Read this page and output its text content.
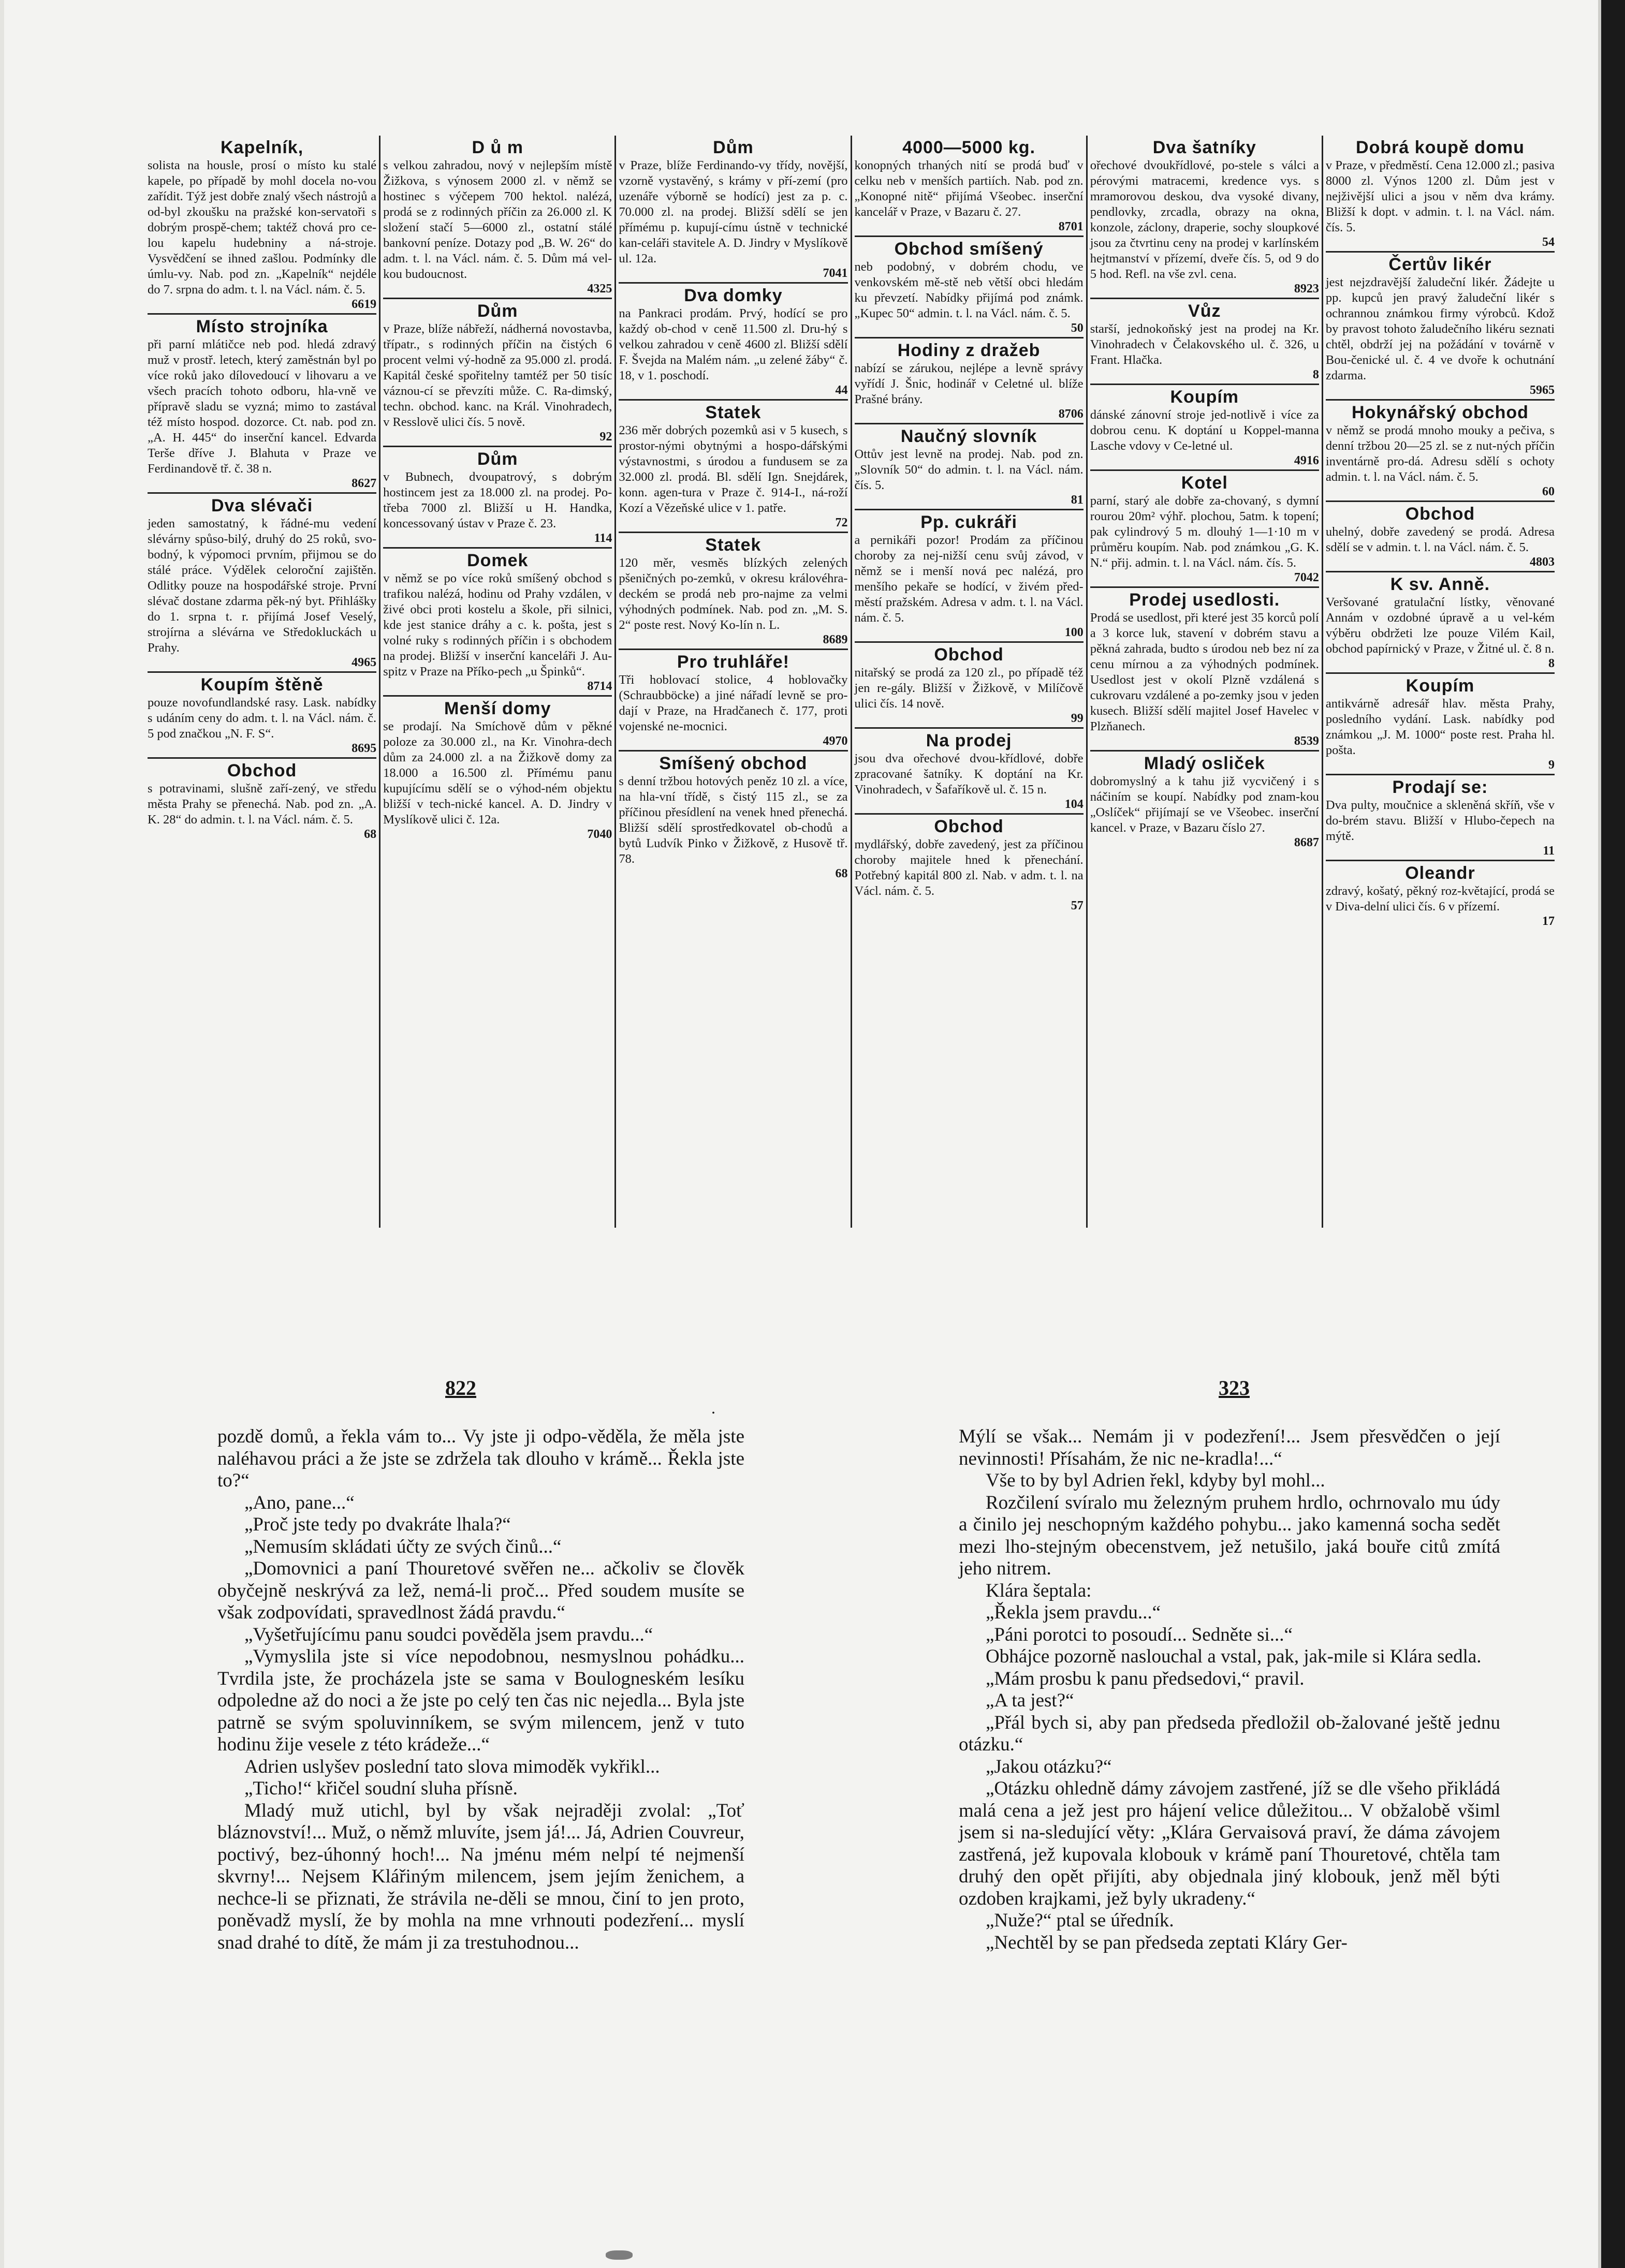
Kapelník,
solista na housle, prosí o místo ku stalé kapele, po případě by mohl docela no-vou zařídit. Týž jest dobře znalý všech nástrojů a od-byl zkoušku na pražské kon-servatoři s dobrým prospě-chem; taktéž chová pro ce-lou kapelu hudebniny a ná-stroje. Vysvědčení se ihned zašlou. Podmínky dle úmlu-vy. Nab. pod zn. „Kapelník“ nejdéle do 7. srpna do adm. t. l. na Václ. nám. č. 5.
6619
Místo strojníka
při parní mlátičce neb pod. hledá zdravý muž v prostř. letech, který zaměstnán byl po více roků jako dílovedoucí v lihovaru a ve všech pracích tohoto odboru, hla-vně ve přípravě sladu se vyzná; mimo to zastával též místo hospod. dozorce. Ct. nab. pod zn. „A. H. 445“ do inserční kancel. Edvarda Terše dříve J. Blahuta v Praze ve Ferdinandově tř. č. 38 n.
8627
Dva slévači
jeden samostatný, k řádné-mu vedení slévárny spůso-bilý, druhý do 25 roků, svo-bodný, k výpomoci prvním, přijmou se do stálé práce. Výdělek celoroční zajištěn. Odlitky pouze na hospodářské stroje. První slévač dostane zdarma pěk-ný byt. Přihlášky do 1. srpna t. r. přijímá Josef Veselý, strojírna a slévárna ve Středokluckách u Prahy.
4965
Koupím štěně
pouze novofundlandské rasy. Lask. nabídky s udáním ceny do adm. t. l. na Václ. nám. č. 5 pod značkou „N. F. S“.
8695
Obchod
s potravinami, slušně zaří-zený, ve středu města Prahy se přenechá. Nab. pod zn. „A. K. 28“ do admin. t. l. na Václ. nám. č. 5.
68
D ů m
s velkou zahradou, nový v nejlepším místě Žižkova, s výnosem 2000 zl. v němž se hostinec s výčepem 700 hektol. nalézá, prodá se z rodinných příčin za 26.000 zl. K složení stačí 5—6000 zl., ostatní stálé bankovní peníze. Dotazy pod „B. W. 26“ do adm. t. l. na Václ. nám. č. 5. Dům má vel-kou budoucnost.
4325
Dům
v Praze, blíže nábřeží, nádherná novostavba, třípatr., s rodinných příčin na čistých 6 procent velmi vý-hodně za 95.000 zl. prodá. Kapitál české spořitelny tamtéž per 50 tisíc váznou-cí se převzíti může. C. Ra-dimský, techn. obchod. kanc. na Král. Vinohradech, v Resslově ulici čís. 5 nově.
92
Dům
v Bubnech, dvoupatrový, s dobrým hostincem jest za 18.000 zl. na prodej. Po-třeba 7000 zl. Bližší u H. Handka, koncessovaný ústav v Praze č. 23.
114
Domek
v němž se po více roků smíšený obchod s trafikou nalézá, hodinu od Prahy vzdálen, v živé obci proti kostelu a škole, při silnici, kde jest stanice dráhy a c. k. pošta, jest s volné ruky s rodinných příčin i s obchodem na prodej. Bližší v inserční kanceláři J. Au-spitz v Praze na Příko-pech „u Špinků“.
8714
Menší domy
se prodají. Na Smíchově dům v pěkné poloze za 30.000 zl., na Kr. Vinohra-dech dům za 24.000 zl. a na Žižkově domy za 18.000 a 16.500 zl. Přímému panu kupujícímu sdělí se o výhod-ném objektu bližší v tech-nické kancel. A. D. Jindry v Myslíkově ulici č. 12a.
7040
Dům
v Praze, blíže Ferdinando-vy třídy, novější, vzorně vystavěný, s krámy v pří-zemí (pro uzenáře výborně se hodící) jest za p. c. 70.000 zl. na prodej. Bližší sdělí se jen přímému p. kupují-címu ústně v technické kan-celáři stavitele A. D. Jindry v Myslíkově ul. 12a.
7041
Dva domky
na Pankraci prodám. Prvý, hodící se pro každý ob-chod v ceně 11.500 zl. Dru-hý s velkou zahradou v ceně 4600 zl. Bližší sdělí F. Švejda na Malém nám. „u zelené žáby“ č. 18, v 1. poschodí.
44
Statek
236 měr dobrých pozemků asi v 5 kusech, s prostor-nými obytnými a hospo-dářskými výstavnostmi, s úrodou a fundusem se za 32.000 zl. prodá. Bl. sdělí Ign. Snejdárek, konn. agen-tura v Praze č. 914-I., ná-roží Kozí a Vězeňské ulice v 1. patře.
72
Statek
120 měr, vesměs blízkých zelených pšeničných po-zemků, v okresu královéhra-deckém se prodá neb pro-najme za velmi výhodných podmínek. Nab. pod zn. „M. S. 2“ poste rest. Nový Ko-lín n. L.
8689
Pro truhláře!
Tři hoblovací stolice, 4 hoblovačky (Schraubböcke) a jiné nářadí levně se pro-dají v Praze, na Hradčanech č. 177, proti vojenské ne-mocnici.
4970
Smíšený obchod
s denní tržbou hotových peněz 10 zl. a více, na hla-vní třídě, s čistý 115 zl., se za příčinou přesídlení na venek hned přenechá. Bližší sdělí sprostředkovatel ob-chodů a bytů Ludvík Pinko v Žižkově, z Husově tř. 78.
68
4000—5000 kg.
konopných trhaných nití se prodá buď v celku neb v menších partiích. Nab. pod zn. „Konopné nitě“ přijímá Všeobec. inserční kancelář v Praze, v Bazaru č. 27.
8701
Obchod smíšený
neb podobný, v dobrém chodu, ve venkovském mě-stě neb větší obci hledám ku převzetí. Nabídky přijímá pod známk. „Kupec 50“ admin. t. l. na Václ. nám. č. 5.
50
Hodiny z dražeb
nabízí se zárukou, nejlépe a levně správy vyřídí J. Šnic, hodinář v Celetné ul. blíže Prašné brány.
8706
Naučný slovník
Ottův jest levně na prodej. Nab. pod zn. „Slovník 50“ do admin. t. l. na Václ. nám. čís. 5.
81
Pp. cukráři
a pernikáři pozor! Prodám za příčinou choroby za nej-nižší cenu svůj závod, v němž se i menší nová pec nalézá, pro menšího pekaře se hodící, v živém před-městí pražském. Adresa v adm. t. l. na Václ. nám. č. 5.
100
Obchod
nitařský se prodá za 120 zl., po případě též jen re-gály. Bližší v Žižkově, v Milíčově ulici čís. 14 nově.
99
Na prodej
jsou dva ořechové dvou-křídlové, dobře zpracované šatníky. K doptání na Kr. Vinohradech, v Šafaříkově ul. č. 15 n.
104
Obchod
mydlářský, dobře zavedený, jest za příčinou choroby majitele hned k přenechání. Potřebný kapitál 800 zl. Nab. v adm. t. l. na Václ. nám. č. 5.
57
Dva šatníky
ořechové dvoukřídlové, po-stele s válci a pérovými matracemi, kredence vys. s mramorovou deskou, dva vysoké divany, pendlovky, zrcadla, obrazy na okna, konzole, záclony, draperie, sochy sloupkové jsou za čtvrtinu ceny na prodej v karlínském hejtmanství v přízemí, dveře čís. 5, od 9 do 5 hod. Refl. na vše zvl. cena.
8923
Vůz
starší, jednokoňský jest na prodej na Kr. Vinohradech v Čelakovského ul. č. 326, u Frant. Hlačka.
8
Koupím
dánské zánovní stroje jed-notlivě i více za dobrou cenu. K doptání u Koppel-manna Lasche vdovy v Ce-letné ul.
4916
Kotel
parní, starý ale dobře za-chovaný, s dymní rourou 20m² výhř. plochou, 5atm. k topení; pak cylindrový 5 m. dlouhý 1—1·10 m v průměru koupím. Nab. pod známkou „G. K. N.“ přij. admin. t. l. na Václ. nám. čís. 5.
7042
Prodej usedlosti.
Prodá se usedlost, při které jest 35 korců polí a 3 korce luk, stavení v dobrém stavu a pěkná zahrada, budto s úrodou neb bez ní za cenu mírnou a za výhodných podmínek. Usedlost jest v okolí Plzně vzdálená s cukrovaru vzdálené a po-zemky jsou v jeden kusech. Bližší sdělí majitel Josef Havelec v Plzňanech.
8539
Mladý osliček
dobromyslný a k tahu již vycvičený i s náčiním se koupí. Nabídky pod znam-kou „Oslíček“ přijímají se ve Všeobec. inserční kancel. v Praze, v Bazaru číslo 27.
8687
Dobrá koupě domu
v Praze, v předměstí. Cena 12.000 zl.; pasiva 8000 zl. Výnos 1200 zl. Dům jest v nejživější ulici a jsou v něm dva krámy. Bližší k dopt. v admin. t. l. na Václ. nám. čís. 5.
54
Čertův likér
jest nejzdravější žaludeční likér. Žádejte u pp. kupců jen pravý žaludeční likér s ochrannou známkou firmy výrobců. Kdož by pravost tohoto žaludečního likéru seznati chtěl, obdrží jej na požádání v továrně v Bou-čenické ul. č. 4 ve dvoře k ochutnání zdarma.
5965
Hokynářský obchod
v němž se prodá mnoho mouky a pečiva, s denní tržbou 20—25 zl. se z nut-ných příčin inventárně pro-dá. Adresu sdělí s ochoty admin. t. l. na Václ. nám. č. 5.
60
Obchod
uhelný, dobře zavedený se prodá. Adresa sdělí se v admin. t. l. na Václ. nám. č. 5.
4803
K sv. Anně.
Veršované gratulační lístky, věnované Annám v ozdobné úpravě a u vel-kém výběru obdržeti lze pouze Vilém Kail, obchod papírnický v Praze, v Žitné ul. č. 8 n.
8
Koupím
antikvárně adresář hlav. města Prahy, posledního vydání. Lask. nabídky pod známkou „J. M. 1000“ poste rest. Praha hl. pošta.
9
Prodají se:
Dva pulty, moučnice a skleněná skříň, vše v do-brém stavu. Bližší v Hlubo-čepech na mýtě.
11
Oleandr
zdravý, košatý, pěkný roz-květající, prodá se v Diva-delní ulici čís. 6 v přízemí.
17
822
.
323

pozdě domů, a řekla vám to... Vy jste ji odpo-věděla, že měla jste naléhavou práci a že jste se zdržela tak dlouho v krámě... Řekla jste to?“

„Ano, pane...“

„Proč jste tedy po dvakráte lhala?“

„Nemusím skládati účty ze svých činů...“

„Domovnici a paní Thouretové svěřen ne... ačkoliv se člověk obyčejně neskrývá za lež, nemá-li proč... Před soudem musíte se však zodpovídati, spravedlnost žádá pravdu.“

„Vyšetřujícímu panu soudci pověděla jsem pravdu...“

„Vymyslila jste si více nepodobnou, nesmyslnou pohádku... Tvrdila jste, že procházela jste se sama v Boulogneském lesíku odpoledne až do noci a že jste po celý ten čas nic nejedla... Byla jste patrně se svým spoluvinníkem, se svým milencem, jenž v tuto hodinu žije vesele z této krádeže...“

Adrien uslyšev poslední tato slova mimoděk vykřikl...

„Ticho!“ křičel soudní sluha přísně.

Mladý muž utichl, byl by však nejraději zvolal: „Toť bláznovství!... Muž, o němž mluvíte, jsem já!... Já, Adrien Couvreur, poctivý, bez-úhonný hoch!... Na jménu mém nelpí té nejmenší skvrny!... Nejsem Klářiným milencem, jsem jejím ženichem, a nechce-li se přiznati, že strávila ne-děli se mnou, činí to jen proto, poněvadž myslí, že by mohla na mne vrhnouti podezření... myslí snad drahé to dítě, že mám ji za trestuhodnou...

Mýlí se však... Nemám ji v podezření!... Jsem přesvědčen o její nevinnosti! Přísahám, že nic ne-kradla!...“

Vše to by byl Adrien řekl, kdyby byl mohl...

Rozčilení svíralo mu železným pruhem hrdlo, ochrnovalo mu údy a činilo jej neschopným každého pohybu... jako kamenná socha sedět mezi lho-stejným obecenstvem, jež netušilo, jaká bouře citů zmítá jeho nitrem.

Klára šeptala:

„Řekla jsem pravdu...“

„Páni porotci to posoudí... Sedněte si...“

Obhájce pozorně naslouchal a vstal, pak, jak-mile si Klára sedla.

„Mám prosbu k panu předsedovi,“ pravil.

„A ta jest?“

„Přál bych si, aby pan předseda předložil ob-žalované ještě jednu otázku.“

„Jakou otázku?“

„Otázku ohledně dámy závojem zastřené, jíž se dle všeho přikládá malá cena a jež jest pro hájení velice důležitou... V obžalobě všiml jsem si na-sledující věty: „Klára Gervaisová praví, že dáma závojem zastřená, jež kupovala klobouk v krámě paní Thouretové, chtěla tam druhý den opět přijíti, aby objednala jiný klobouk, jenž měl býti ozdoben krajkami, jež byly ukradeny.“

„Nuže?“ ptal se úředník.

„Nechtěl by se pan předseda zeptati Kláry Ger-
